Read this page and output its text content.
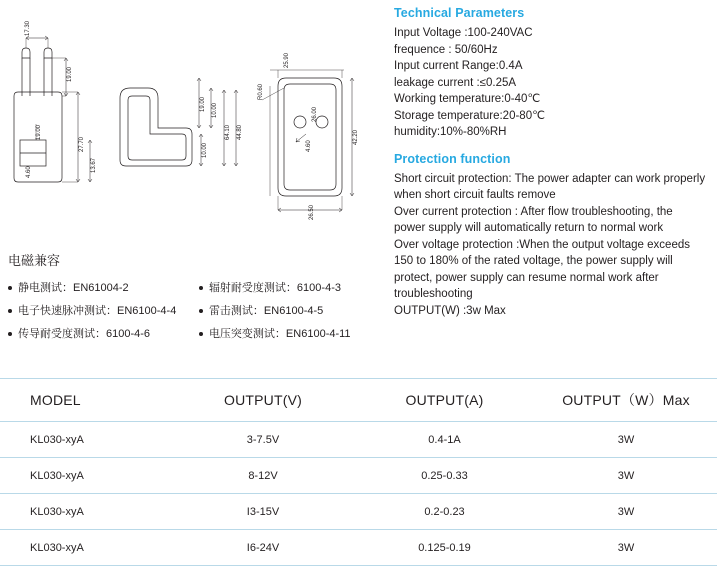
17.30
19.00
19.00
4.60
27.70
13.67
19.00 10.00
10.00
64.10 44.80
25.90
26.00
R0.60
42.20
4.60
26.50
Technical Parameters
Input Voltage :100-240VAC
frequence : 50/60Hz
Input current Range:0.4A
leakage current :≤0.25A
Working temperature:0-40℃
Storage temperature:20-80℃
humidity:10%-80%RH
Protection function
Short circuit protection: The power adapter can work properly
when short circuit faults remove
Over current protection : After flow troubleshooting, the
power supply will automatically return to normal work
Over voltage protection :When the output voltage exceeds
150 to 180% of the rated voltage, the power supply will
protect, power supply can resume normal work after
troubleshooting
OUTPUT(W) :3w Max
电磁兼容
静电测试：EN61004-2	辐射耐受度测试：6100-4-3
电子快速脉冲测试：EN6100-4-4	雷击测试：EN6100-4-5
传导耐受度测试：6100-4-6	电压突变测试：EN6100-4-11
MODEL	OUTPUT(V)	OUTPUT(A)	OUTPUT（W）Max
KL030-xyA	3-7.5V	0.4-1A	3W
KL030-xyA	8-12V	0.25-0.33	3W
KL030-xyA	I3-15V	0.2-0.23	3W
KL030-xyA	I6-24V	0.125-0.19	3W
